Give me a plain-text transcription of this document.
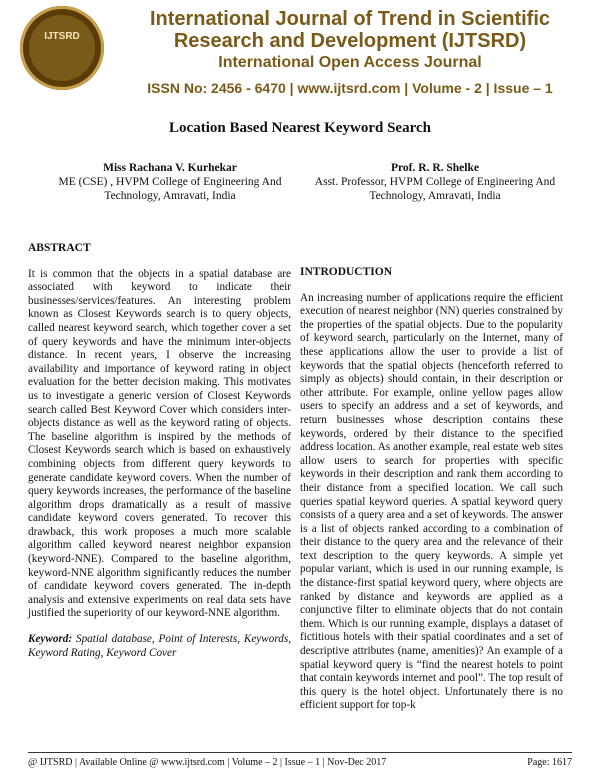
IJTSRD
International Journal of Trend in Scientific Research and Development (IJTSRD)
International Open Access Journal
ISSN No: 2456 - 6470 | www.ijtsrd.com | Volume - 2 | Issue – 1
Location Based Nearest Keyword Search
Miss Rachana V. Kurhekar
ME (CSE) , HVPM College of Engineering And Technology, Amravati, India
Prof. R. R. Shelke
Asst. Professor, HVPM College of Engineering And Technology, Amravati, India
ABSTRACT

It is common that the objects in a spatial database are associated with keyword to indicate their businesses/services/features. An interesting problem known as Closest Keywords search is to query objects, called nearest keyword search, which together cover a set of query keywords and have the minimum inter-objects distance. In recent years, I observe the increasing availability and importance of keyword rating in object evaluation for the better decision making. This motivates us to investigate a generic version of Closest Keywords search called Best Keyword Cover which considers inter-objects distance as well as the keyword rating of objects. The baseline algorithm is inspired by the methods of Closest Keywords search which is based on exhaustively combining objects from different query keywords to generate candidate keyword covers. When the number of query keywords increases, the performance of the baseline algorithm drops dramatically as a result of massive candidate keyword covers generated. To recover this drawback, this work proposes a much more scalable algorithm called keyword nearest neighbor expansion (keyword-NNE). Compared to the baseline algorithm, keyword-NNE algorithm significantly reduces the number of candidate keyword covers generated. The in-depth analysis and extensive experiments on real data sets have justified the superiority of our keyword-NNE algorithm.

Keyword: Spatial database, Point of Interests, Keywords, Keyword Rating, Keyword Cover
INTRODUCTION

An increasing number of applications require the efficient execution of nearest neighbor (NN) queries constrained by the properties of the spatial objects. Due to the popularity of keyword search, particularly on the Internet, many of these applications allow the user to provide a list of keywords that the spatial objects (henceforth referred to simply as objects) should contain, in their description or other attribute. For example, online yellow pages allow users to specify an address and a set of keywords, and return businesses whose description contains these keywords, ordered by their distance to the specified address location. As another example, real estate web sites allow users to search for properties with specific keywords in their description and rank them according to their distance from a specified location. We call such queries spatial keyword queries. A spatial keyword query consists of a query area and a set of keywords. The answer is a list of objects ranked according to a combination of their distance to the query area and the relevance of their text description to the query keywords. A simple yet popular variant, which is used in our running example, is the distance-first spatial keyword query, where objects are ranked by distance and keywords are applied as a conjunctive filter to eliminate objects that do not contain them. Which is our running example, displays a dataset of fictitious hotels with their spatial coordinates and a set of descriptive attributes (name, amenities)? An example of a spatial keyword query is “find the nearest hotels to point that contain keywords internet and pool”. The top result of this query is the hotel object. Unfortunately there is no efficient support for top-k

@ IJTSRD | Available Online @ www.ijtsrd.com | Volume – 2 | Issue – 1 | Nov-Dec 2017	Page: 1617
